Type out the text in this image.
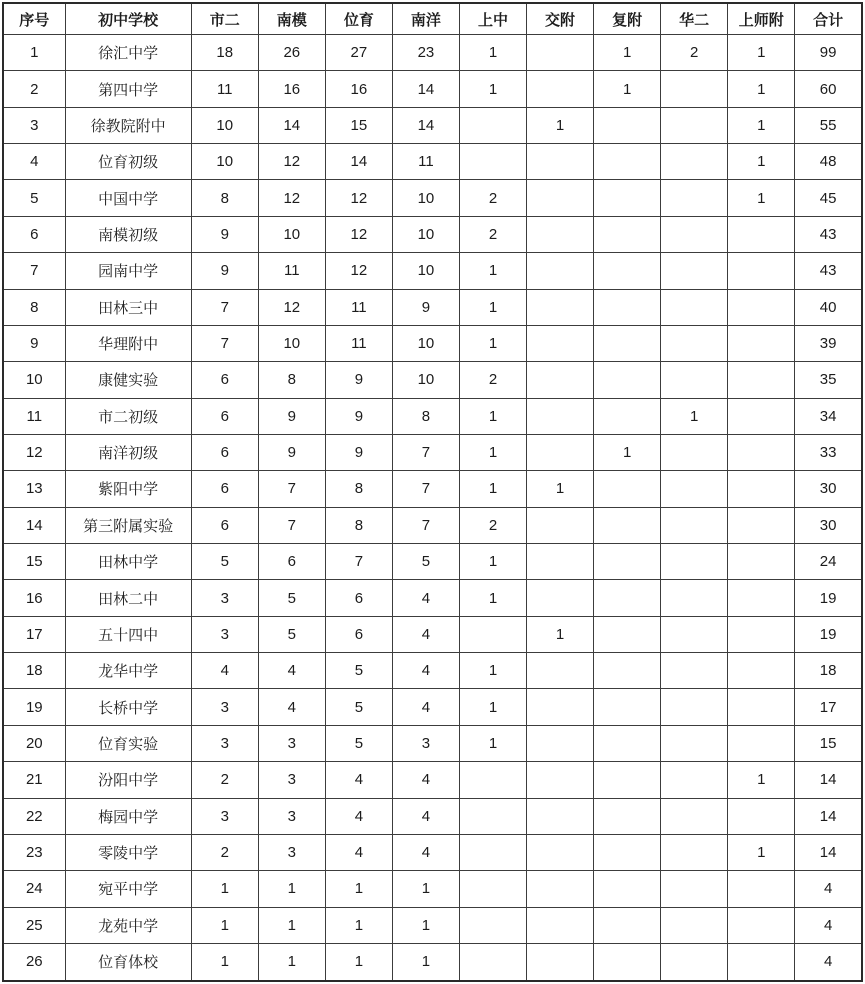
序号	初中学校	市二	南模	位育	南洋	上中	交附	复附	华二	上师附	合计
1	徐汇中学	18	26	27	23	1		1	2	1	99
2	第四中学	11	16	16	14	1		1		1	60
3	徐教院附中	10	14	15	14		1			1	55
4	位育初级	10	12	14	11					1	48
5	中国中学	8	12	12	10	2				1	45
6	南模初级	9	10	12	10	2					43
7	园南中学	9	11	12	10	1					43
8	田林三中	7	12	11	9	1					40
9	华理附中	7	10	11	10	1					39
10	康健实验	6	8	9	10	2					35
11	市二初级	6	9	9	8	1			1		34
12	南洋初级	6	9	9	7	1		1			33
13	紫阳中学	6	7	8	7	1	1				30
14	第三附属实验	6	7	8	7	2					30
15	田林中学	5	6	7	5	1					24
16	田林二中	3	5	6	4	1					19
17	五十四中	3	5	6	4		1				19
18	龙华中学	4	4	5	4	1					18
19	长桥中学	3	4	5	4	1					17
20	位育实验	3	3	5	3	1					15
21	汾阳中学	2	3	4	4					1	14
22	梅园中学	3	3	4	4						14
23	零陵中学	2	3	4	4					1	14
24	宛平中学	1	1	1	1						4
25	龙苑中学	1	1	1	1						4
26	位育体校	1	1	1	1						4
